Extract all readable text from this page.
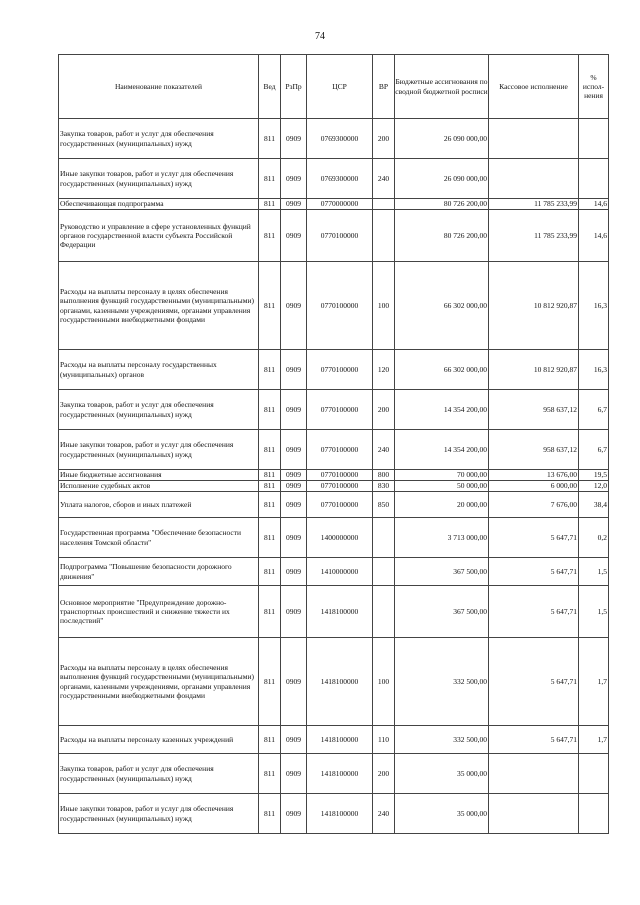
74
Наименование показателей	Вед	РзПр	ЦСР	ВР	Бюджетные ассигнования по сводной бюджетной росписи	Кассовое исполнение	% испол-нения
Закупка товаров, работ и услуг для обеспечения государственных (муниципальных) нужд	811	0909	0769300000	200	26 090 000,00		
Иные закупки товаров, работ и услуг для обеспечения государственных (муниципальных) нужд	811	0909	0769300000	240	26 090 000,00		
Обеспечивающая подпрограмма	811	0909	0770000000		80 726 200,00	11 785 233,99	14,6
Руководство и управление в сфере установленных функций органов государственной власти субъекта Российской Федерации	811	0909	0770100000		80 726 200,00	11 785 233,99	14,6
Расходы на выплаты персоналу в целях обеспечения выполнения функций государственными (муниципальными) органами, казенными учреждениями, органами управления государственными внебюджетными фондами	811	0909	0770100000	100	66 302 000,00	10 812 920,87	16,3
Расходы на выплаты персоналу государственных (муниципальных) органов	811	0909	0770100000	120	66 302 000,00	10 812 920,87	16,3
Закупка товаров, работ и услуг для обеспечения государственных (муниципальных) нужд	811	0909	0770100000	200	14 354 200,00	958 637,12	6,7
Иные закупки товаров, работ и услуг для обеспечения государственных (муниципальных) нужд	811	0909	0770100000	240	14 354 200,00	958 637,12	6,7
Иные бюджетные ассигнования	811	0909	0770100000	800	70 000,00	13 676,00	19,5
Исполнение судебных актов	811	0909	0770100000	830	50 000,00	6 000,00	12,0
Уплата налогов, сборов и иных платежей	811	0909	0770100000	850	20 000,00	7 676,00	38,4
Государственная программа "Обеспечение безопасности населения Томской области"	811	0909	1400000000		3 713 000,00	5 647,71	0,2
Подпрограмма "Повышение безопасности дорожного движения"	811	0909	1410000000		367 500,00	5 647,71	1,5
Основное мероприятие "Предупреждение дорожно-транспортных происшествий и снижение тяжести их последствий"	811	0909	1418100000		367 500,00	5 647,71	1,5
Расходы на выплаты персоналу в целях обеспечения выполнения функций государственными (муниципальными) органами, казенными учреждениями, органами управления государственными внебюджетными фондами	811	0909	1418100000	100	332 500,00	5 647,71	1,7
Расходы на выплаты персоналу казенных учреждений	811	0909	1418100000	110	332 500,00	5 647,71	1,7
Закупка товаров, работ и услуг для обеспечения государственных (муниципальных) нужд	811	0909	1418100000	200	35 000,00		
Иные закупки товаров, работ и услуг для обеспечения государственных (муниципальных) нужд	811	0909	1418100000	240	35 000,00		
